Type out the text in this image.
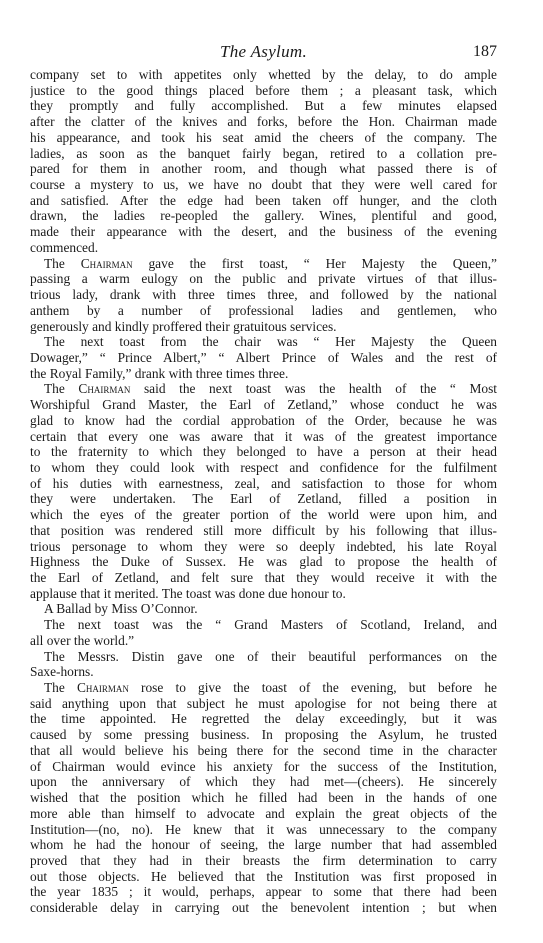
The Asylum.	187
company set to with appetites only whetted by the delay, to do ample
justice to the good things placed before them ; a pleasant task, which
they promptly and fully accomplished. But a few minutes elapsed
after the clatter of the knives and forks, before the Hon. Chairman made
his appearance, and took his seat amid the cheers of the company. The
ladies, as soon as the banquet fairly began, retired to a collation pre-
pared for them in another room, and though what passed there is of
course a mystery to us, we have no doubt that they were well cared for
and satisfied. After the edge had been taken off hunger, and the cloth
drawn, the ladies re-peopled the gallery. Wines, plentiful and good,
made their appearance with the desert, and the business of the evening
commenced.
The Chairman gave the first toast, “ Her Majesty the Queen,”
passing a warm eulogy on the public and private virtues of that illus-
trious lady, drank with three times three, and followed by the national
anthem by a number of professional ladies and gentlemen, who
generously and kindly proffered their gratuitous services.
The next toast from the chair was “ Her Majesty the Queen
Dowager,” “ Prince Albert,” “ Albert Prince of Wales and the rest of
the Royal Family,” drank with three times three.
The Chairman said the next toast was the health of the “ Most
Worshipful Grand Master, the Earl of Zetland,” whose conduct he was
glad to know had the cordial approbation of the Order, because he was
certain that every one was aware that it was of the greatest importance
to the fraternity to which they belonged to have a person at their head
to whom they could look with respect and confidence for the fulfilment
of his duties with earnestness, zeal, and satisfaction to those for whom
they were undertaken. The Earl of Zetland, filled a position in
which the eyes of the greater portion of the world were upon him, and
that position was rendered still more difficult by his following that illus-
trious personage to whom they were so deeply indebted, his late Royal
Highness the Duke of Sussex. He was glad to propose the health of
the Earl of Zetland, and felt sure that they would receive it with the
applause that it merited. The toast was done due honour to.
A Ballad by Miss O’Connor.
The next toast was the “ Grand Masters of Scotland, Ireland, and
all over the world.”
The Messrs. Distin gave one of their beautiful performances on the
Saxe-horns.
The Chairman rose to give the toast of the evening, but before he
said anything upon that subject he must apologise for not being there at
the time appointed. He regretted the delay exceedingly, but it was
caused by some pressing business. In proposing the Asylum, he trusted
that all would believe his being there for the second time in the character
of Chairman would evince his anxiety for the success of the Institution,
upon the anniversary of which they had met—(cheers). He sincerely
wished that the position which he filled had been in the hands of one
more able than himself to advocate and explain the great objects of the
Institution—(no, no). He knew that it was unnecessary to the company
whom he had the honour of seeing, the large number that had assembled
proved that they had in their breasts the firm determination to carry
out those objects. He believed that the Institution was first proposed in
the year 1835 ; it would, perhaps, appear to some that there had been
considerable delay in carrying out the benevolent intention ; but when
